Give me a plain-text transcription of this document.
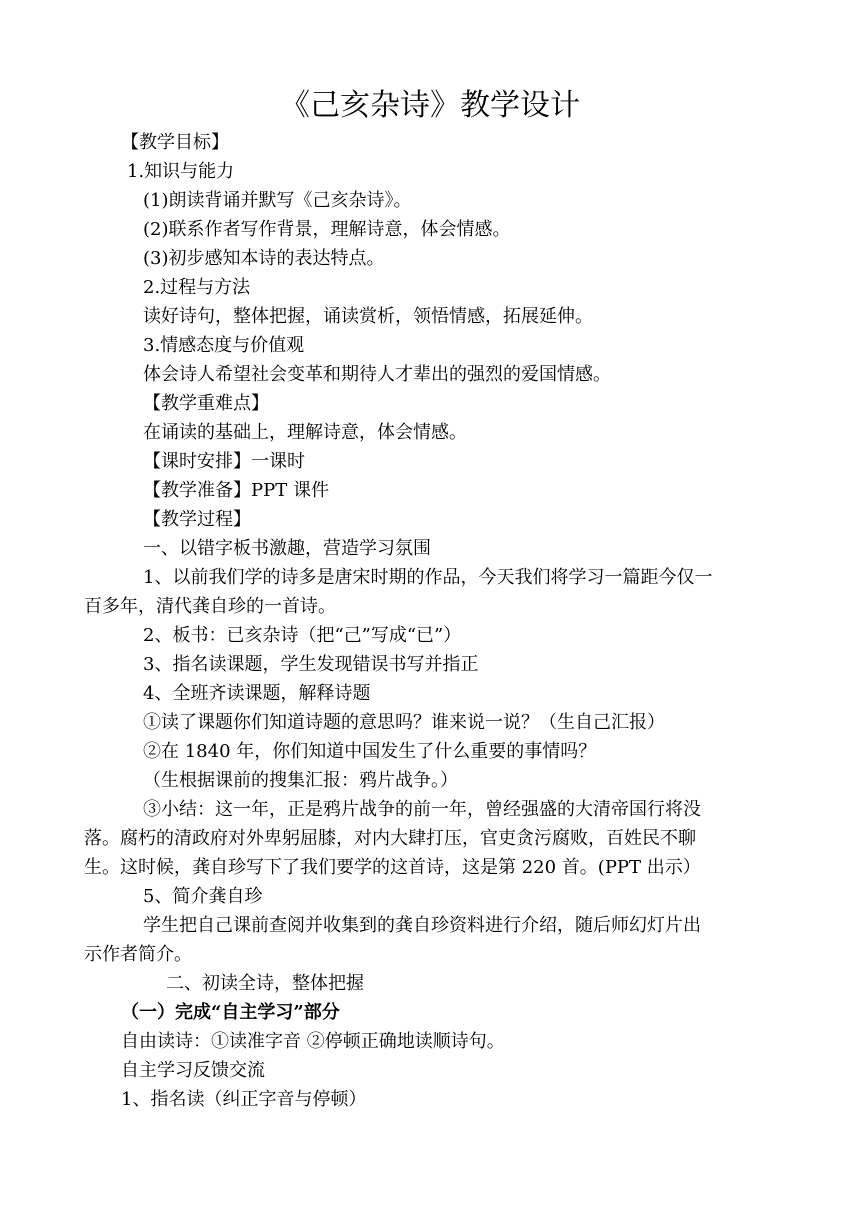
《己亥杂诗》教学设计
【教学目标】
1.知识与能力
(1)朗读背诵并默写《己亥杂诗》。
(2)联系作者写作背景，理解诗意，体会情感。
(3)初步感知本诗的表达特点。
2.过程与方法
读好诗句，整体把握，诵读赏析，领悟情感，拓展延伸。
3.情感态度与价值观
体会诗人希望社会变革和期待人才辈出的强烈的爱国情感。
【教学重难点】
在诵读的基础上，理解诗意，体会情感。
【课时安排】一课时
【教学准备】PPT 课件
【教学过程】
一、以错字板书激趣，营造学习氛围
1、以前我们学的诗多是唐宋时期的作品，今天我们将学习一篇距今仅一
百多年，清代龚自珍的一首诗。
2、板书：已亥杂诗（把“己”写成“已”）
3、指名读课题，学生发现错误书写并指正
4、全班齐读课题，解释诗题
①读了课题你们知道诗题的意思吗？谁来说一说？（生自己汇报）
②在 1840 年，你们知道中国发生了什么重要的事情吗？
（生根据课前的搜集汇报：鸦片战争。）
③小结：这一年，正是鸦片战争的前一年，曾经强盛的大清帝国行将没
落。腐朽的清政府对外卑躬屈膝，对内大肆打压，官吏贪污腐败，百姓民不聊
生。这时候，龚自珍写下了我们要学的这首诗，这是第 220 首。(PPT 出示）
5、简介龚自珍
学生把自己课前查阅并收集到的龚自珍资料进行介绍，随后师幻灯片出
示作者简介。
二、初读全诗，整体把握
（一）完成“自主学习”部分
自由读诗：①读准字音 ②停顿正确地读顺诗句。
自主学习反馈交流
1、指名读（纠正字音与停顿）
